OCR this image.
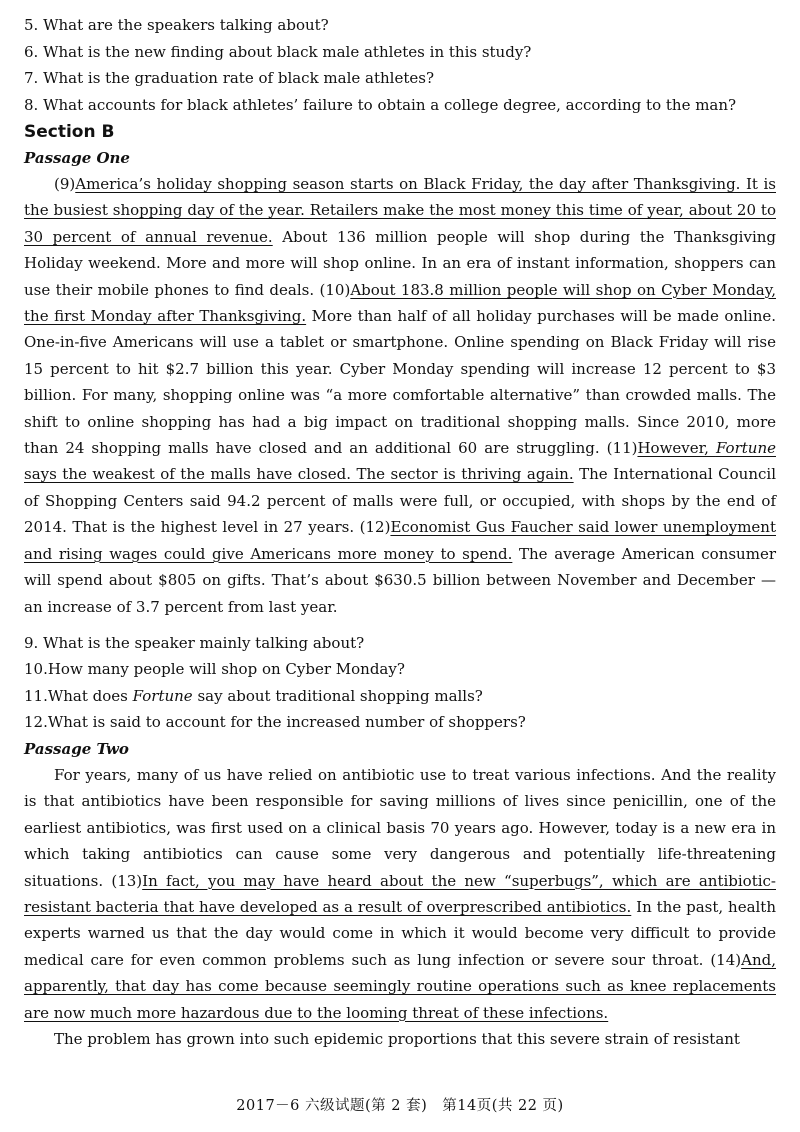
5. What are the speakers talking about?
6. What is the new finding about black male athletes in this study?
7. What is the graduation rate of black male athletes?
8. What accounts for black athletes’ failure to obtain a college degree, according to the man?
Section B
Passage One

(9)America’s holiday shopping season starts on Black Friday, the day after Thanksgiving. It is the busiest shopping day of the year. Retailers make the most money this time of year, about 20 to 30 percent of annual revenue. About 136 million people will shop during the Thanksgiving Holiday weekend. More and more will shop online. In an era of instant information, shoppers can use their mobile phones to find deals. (10)About 183.8 million people will shop on Cyber Monday, the first Monday after Thanksgiving. More than half of all holiday purchases will be made online. One-in-five Americans will use a tablet or smartphone. Online spending on Black Friday will rise 15 percent to hit $2.7 billion this year. Cyber Monday spending will increase 12 percent to $3 billion. For many, shopping online was “a more comfortable alternative” than crowded malls. The shift to online shopping has had a big impact on traditional shopping malls. Since 2010, more than 24 shopping malls have closed and an additional 60 are struggling. (11)However, Fortune says the weakest of the malls have closed. The sector is thriving again. The International Council of Shopping Centers said 94.2 percent of malls were full, or occupied, with shops by the end of 2014. That is the highest level in 27 years. (12)Economist Gus Faucher said lower unemployment and rising wages could give Americans more money to spend. The average American consumer will spend about $805 on gifts. That’s about $630.5 billion between November and December — an increase of 3.7 percent from last year.

9. What is the speaker mainly talking about?
10.How many people will shop on Cyber Monday?
11.What does Fortune say about traditional shopping malls?
12.What is said to account for the increased number of shoppers?
Passage Two

For years, many of us have relied on antibiotic use to treat various infections. And the reality is that antibiotics have been responsible for saving millions of lives since penicillin, one of the earliest antibiotics, was first used on a clinical basis 70 years ago. However, today is a new era in which taking antibiotics can cause some very dangerous and potentially life-threatening situations. (13)In fact, you may have heard about the new “superbugs”, which are antibiotic-resistant bacteria that have developed as a result of overprescribed antibiotics. In the past, health experts warned us that the day would come in which it would become very difficult to provide medical care for even common problems such as lung infection or severe sour throat. (14)And, apparently, that day has come because seemingly routine operations such as knee replacements are now much more hazardous due to the looming threat of these infections.

The problem has grown into such epidemic proportions that this severe strain of resistant

2017－6 六级试题(第 2 套)　第14页(共 22 页)
